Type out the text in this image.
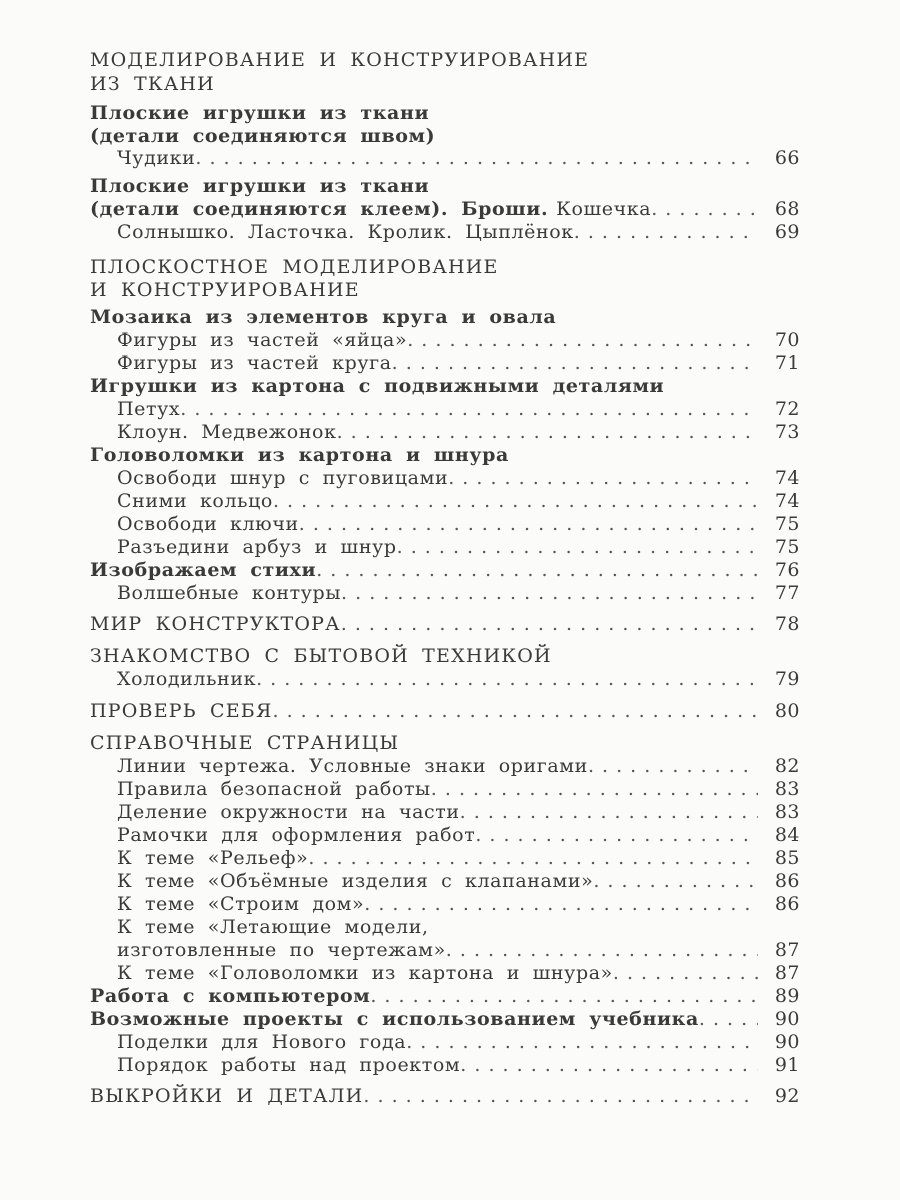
МОДЕЛИРОВАНИЕ И КОНСТРУИРОВАНИЕ
ИЗ ТКАНИ
Плоские игрушки из ткани
(детали соединяются швом)
Чудики . . .	66
Плоские игрушки из ткани
(детали соединяются клеем). Броши. Кошечка . . .	68
Солнышко. Ласточка. Кролик. Цыплёнок . . .	69
ПЛОСКОСТНОЕ МОДЕЛИРОВАНИЕ
И КОНСТРУИРОВАНИЕ
Мозаика из элементов круга и овала
Фигуры из частей «яйца» . . .	70
Фигуры из частей круга . . .	71
Игрушки из картона с подвижными деталями
Петух . . .	72
Клоун. Медвежонок . . .	73
Головоломки из картона и шнура
Освободи шнур с пуговицами . . .	74
Сними кольцо . . .	74
Освободи ключи . . .	75
Разъедини арбуз и шнур . . .	75
Изображаем стихи . . .	76
Волшебные контуры . . .	77
МИР КОНСТРУКТОРА . . .	78
ЗНАКОМСТВО С БЫТОВОЙ ТЕХНИКОЙ
Холодильник . . .	79
ПРОВЕРЬ СЕБЯ . . .	80
СПРАВОЧНЫЕ СТРАНИЦЫ
Линии чертежа. Условные знаки оригами . . .	82
Правила безопасной работы . . .	83
Деление окружности на части . . .	83
Рамочки для оформления работ . . .	84
К теме «Рельеф» . . .	85
К теме «Объёмные изделия с клапанами» . . .	86
К теме «Строим дом» . . .	86
К теме «Летающие модели,
изготовленные по чертежам» . . .	87
К теме «Головоломки из картона и шнура» . . .	87
Работа с компьютером . . .	89
Возможные проекты с использованием учебника . . .	90
Поделки для Нового года . . .	90
Порядок работы над проектом . . .	91
ВЫКРОЙКИ И ДЕТАЛИ . . .	92
